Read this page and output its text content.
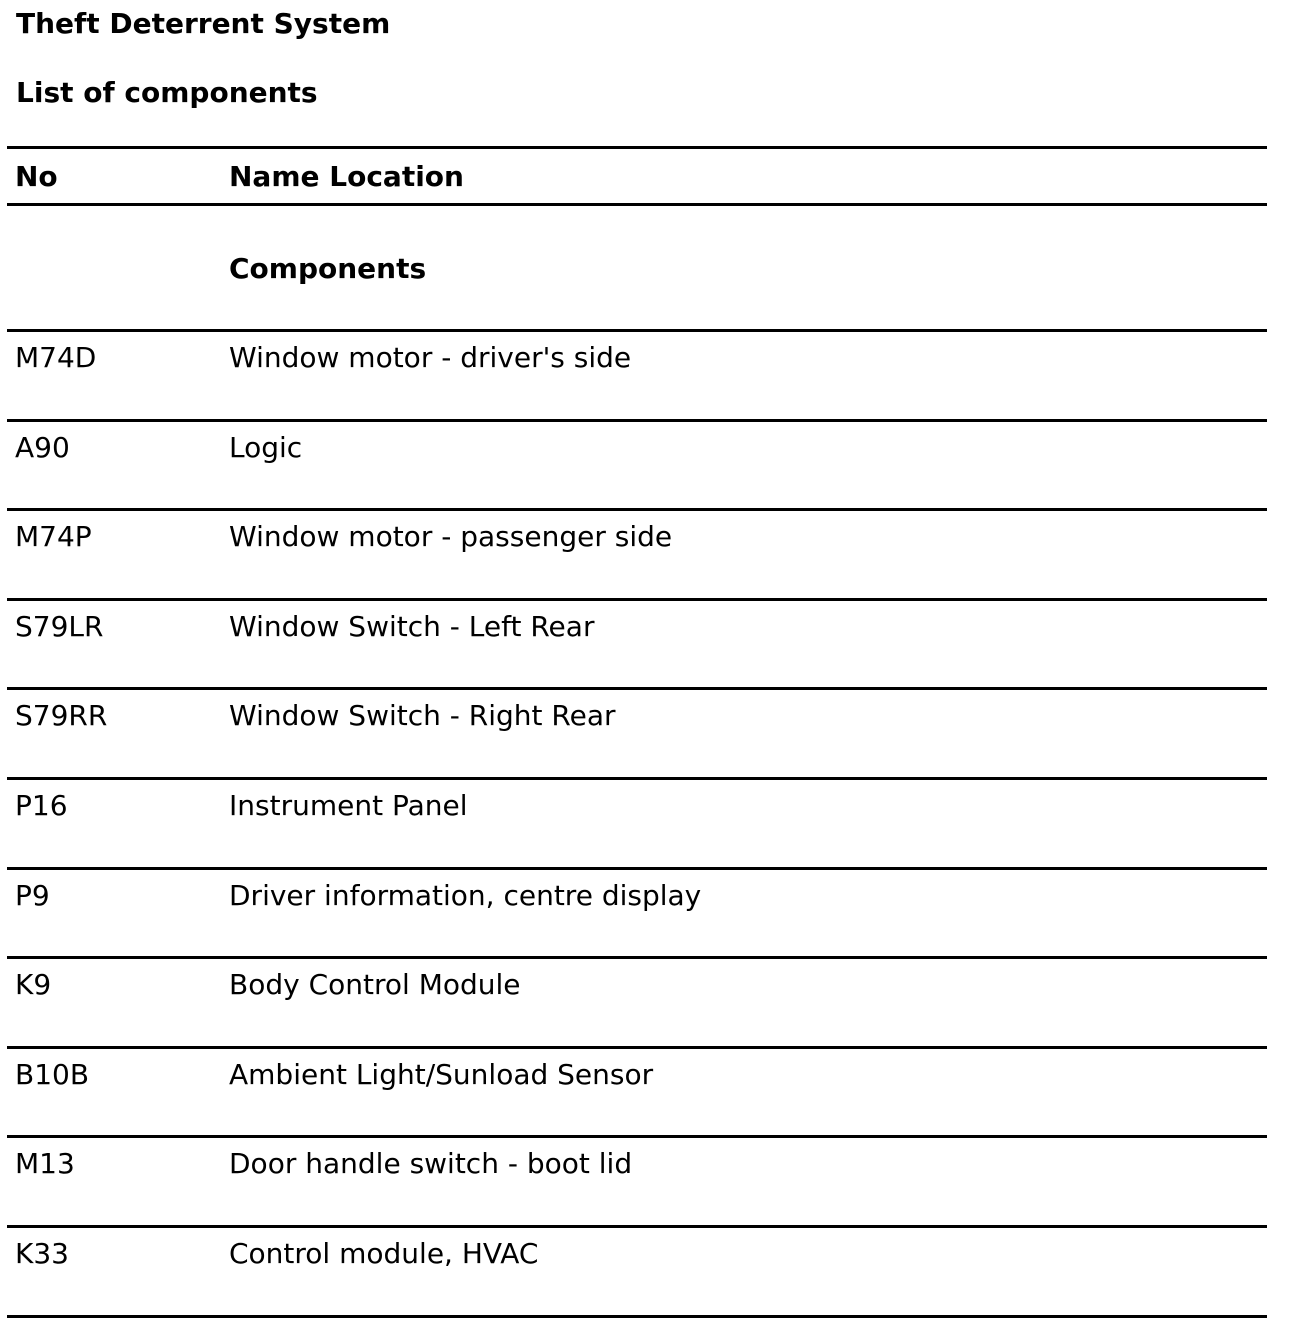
Theft Deterrent System
List of components
No	Name Location
Components
M74D	Window motor - driver's side
A90	Logic
M74P	Window motor - passenger side
S79LR	Window Switch - Left Rear
S79RR	Window Switch - Right Rear
P16	Instrument Panel
P9	Driver information, centre display
K9	Body Control Module
B10B	Ambient Light/Sunload Sensor
M13	Door handle switch - boot lid
K33	Control module, HVAC
